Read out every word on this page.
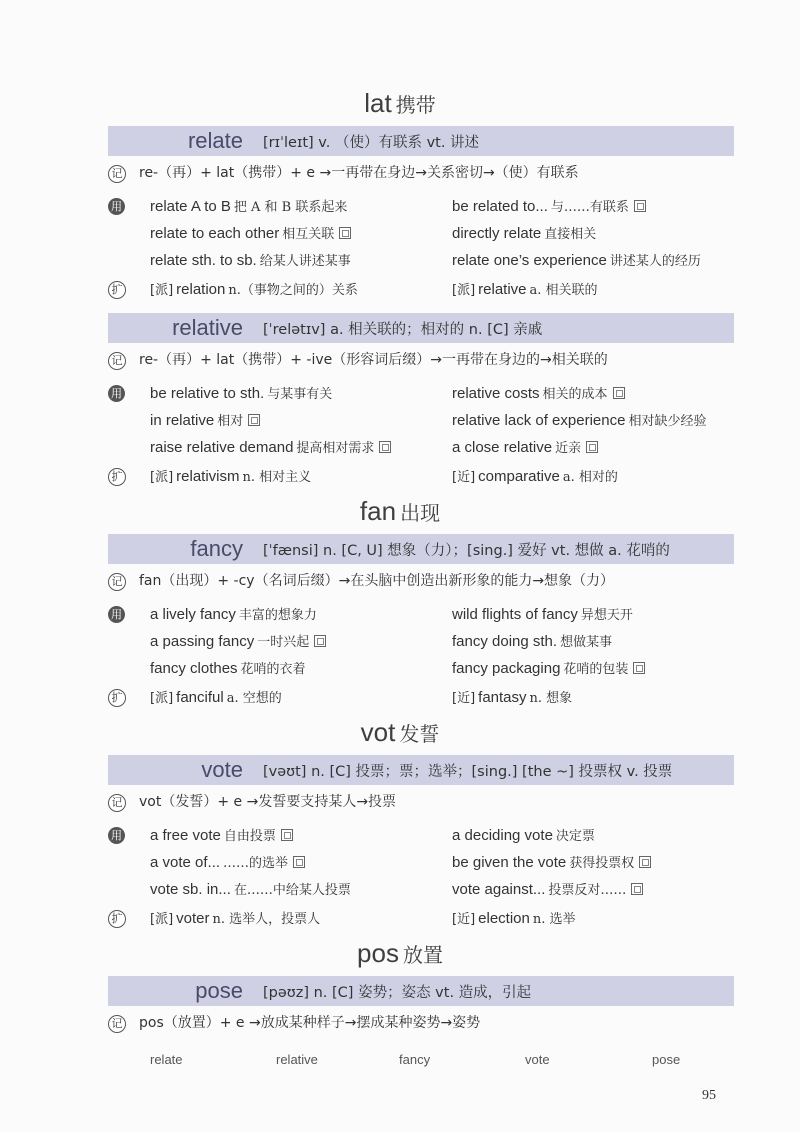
lat 携带
relate [rɪˈleɪt] v. （使）有联系 vt. 讲述
记 re-（再）+ lat（携带）+ e →一再带在身边→关系密切→（使）有联系
用 relate A to B 把 A 和 B 联系起来	be related to... 与……有联系
relate to each other 相互关联	directly relate 直接相关
relate sth. to sb. 给某人讲述某事	relate one’s experience 讲述某人的经历
扩 [派] relation n.（事物之间的）关系	[派] relative a. 相关联的
relative [ˈrelətɪv] a. 相关联的；相对的 n. [C] 亲戚
记 re-（再）+ lat（携带）+ -ive（形容词后缀）→一再带在身边的→相关联的
用 be relative to sth. 与某事有关	relative costs 相关的成本
in relative 相对	relative lack of experience 相对缺少经验
raise relative demand 提高相对需求	a close relative 近亲
扩 [派] relativism n. 相对主义	[近] comparative a. 相对的
fan 出现
fancy [ˈfænsi] n. [C, U] 想象（力）；[sing.] 爱好 vt. 想做 a. 花哨的
记 fan（出现）+ -cy（名词后缀）→在头脑中创造出新形象的能力→想象（力）
用 a lively fancy 丰富的想象力	wild flights of fancy 异想天开
a passing fancy 一时兴起	fancy doing sth. 想做某事
fancy clothes 花哨的衣着	fancy packaging 花哨的包装
扩 [派] fanciful a. 空想的	[近] fantasy n. 想象
vot 发誓
vote [vəʊt] n. [C] 投票；票；选举；[sing.] [the ~] 投票权 v. 投票
记 vot（发誓）+ e →发誓要支持某人→投票
用 a free vote 自由投票	a deciding vote 决定票
a vote of... ……的选举	be given the vote 获得投票权
vote sb. in... 在……中给某人投票	vote against... 投票反对……
扩 [派] voter n. 选举人，投票人	[近] election n. 选举
pos 放置
pose [pəʊz] n. [C] 姿势；姿态 vt. 造成，引起
记 pos（放置）+ e →放成某种样子→摆成某种姿势→姿势
relate	relative	fancy	vote	pose
95
